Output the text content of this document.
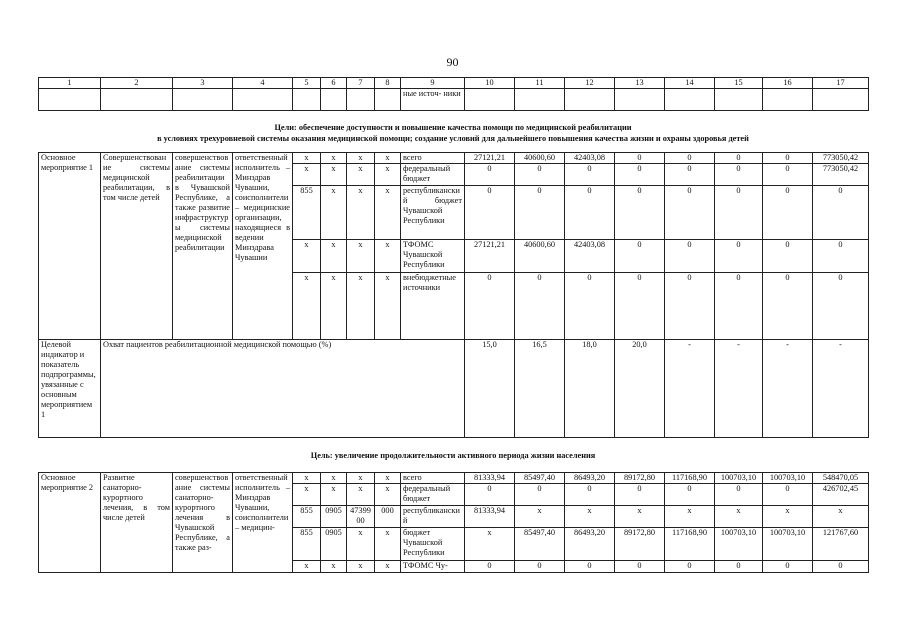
90
1	2	3	4	5	6	7	8	9	10	11	12	13	14	15	16	17
								ные источ- ники								
Цели: обеспечение доступности и повышение качества помощи по медицинской реабилитации
в условиях трехуровневой системы оказания медицинской помощи; создание условий для дальнейшего повышения качества жизни и охраны здоровья детей
Основное мероприятие 1	Совершенствование системы медицинской реабилитации, в том числе детей	совершенствование системы реабилитации в Чувашской Республике, а также развитие инфраструктуры системы медицинской реабилитации	ответственный исполнитель – Минздрав Чувашии, соисполнители – медицинские организации, находящиеся в ведении Минздрава Чувашии	x	x	x	x	всего	27121,21	40600,60	42403,08	0	0	0	0	773050,42
				x	x	x	x	федеральный бюджет	0	0	0	0	0	0	0	773050,42
				855	x	x	x	республиканский бюджет Чувашской Республики	0	0	0	0	0	0	0	0
				x	x	x	x	ТФОМС Чувашской Республики	27121,21	40600,60	42403,08	0	0	0	0	0
				x	x	x	x	внебюджетные источники	0	0	0	0	0	0	0	0
Целевой индикатор и показатель подпрограммы, увязанные с основным мероприятием 1	Охват пациентов реабилитационной медицинской помощью (%)								15,0	16,5	18,0	20,0	-	-	-	-
Цель: увеличение продолжительности активного периода жизни населения
Основное мероприятие 2	Развитие санаторно-курортного лечения, в том числе детей	совершенствование системы санаторно-курортного лечения в Чувашской Республике, а также раз-	ответственный исполнитель – Минздрав Чувашии, соисполнители – медицин-	x	x	x	x	всего	81333,94	85497,40	86493,20	89172,80	117168,90	100703,10	100703,10	548470,05
				x	x	x	x	федеральный бюджет	0	0	0	0	0	0	0	426702,45
				855	0905	4739900	000	республиканский	81333,94	x	x	x	x	x	x	x
				855	0905	x	x	бюджет Чувашской Республики	x	85497,40	86493,20	89172,80	117168,90	100703,10	100703,10	121767,60
				x	x	x	x	ТФОМС Чу-	0	0	0	0	0	0	0	0
